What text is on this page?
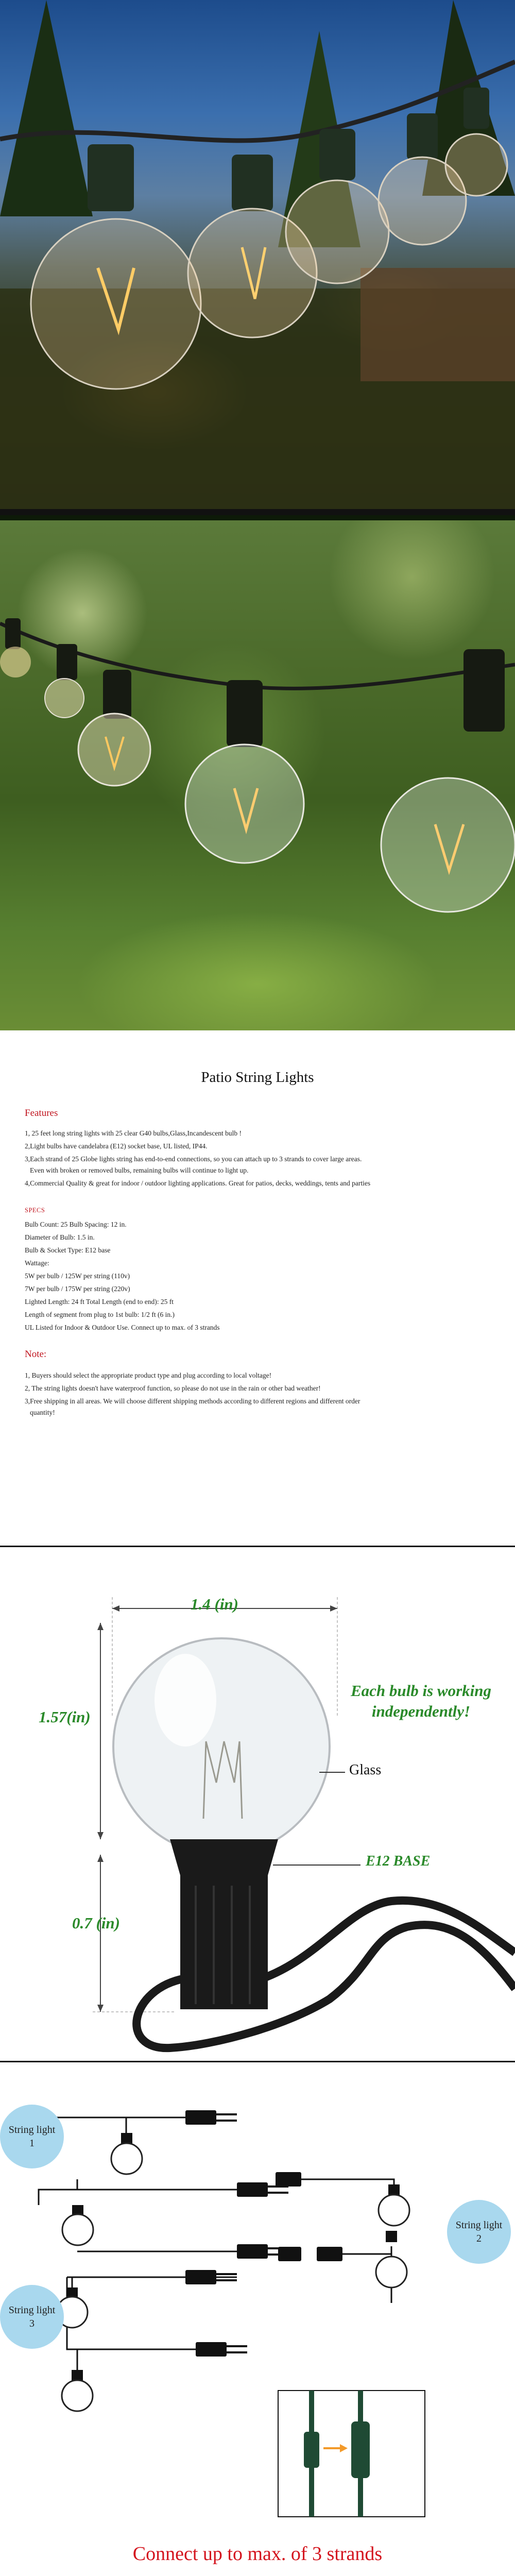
Patio String Lights
Features
1, 25 feet long string lights with 25 clear G40 bulbs,Glass,Incandescent bulb !
2,Light bulbs have candelabra (E12) socket base, UL listed, IP44.
3,Each strand of 25 Globe lights string has end-to-end connections, so you can attach up to 3 strands to cover large areas.
Even with broken or removed bulbs, remaining bulbs will continue to light up.
4,Commercial Quality & great for indoor / outdoor lighting applications. Great for patios, decks, weddings, tents and parties
SPECS
Bulb Count: 25 Bulb Spacing: 12 in.
Diameter of Bulb: 1.5 in.
Bulb & Socket Type: E12 base
Wattage:
5W per bulb / 125W per string (110v)
7W per bulb / 175W per string (220v)
Lighted Length: 24 ft Total Length (end to end): 25 ft
Length of segment from plug to 1st bulb: 1/2 ft (6 in.)
UL Listed for Indoor & Outdoor Use. Connect up to max. of 3 strands
Note:
1, Buyers should select the appropriate product type and plug according to local voltage!
2, The string lights doesn't have waterproof function, so please do not use in the rain or other bad weather!
3,Free shipping in all areas. We will choose different shipping methods according to different regions and different order
quantity!
1.4 (in)
1.57(in)
0.7 (in)
Each bulb is working
independently!
Glass
E12 BASE
String light
1
String light
2
String light
3
Connect up to max. of 3 strands
